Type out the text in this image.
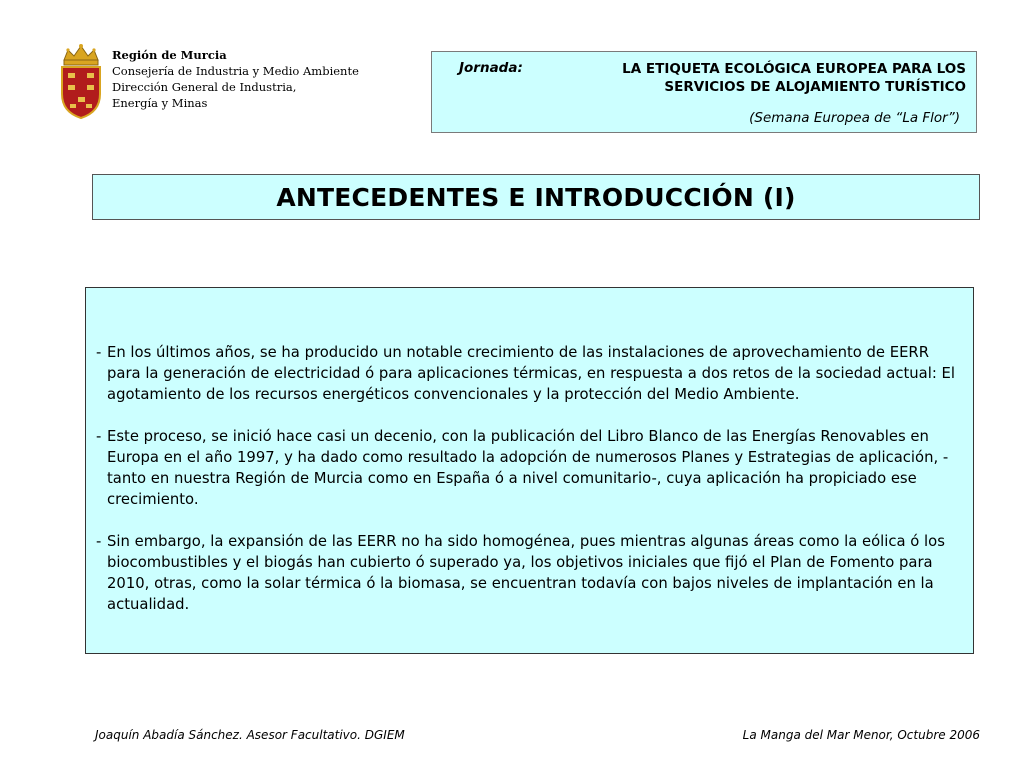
Región de Murcia
Consejería de Industria y Medio Ambiente
Dirección General de Industria,
Energía y Minas
Jornada:	LA ETIQUETA ECOLÓGICA EUROPEA PARA LOS
SERVICIOS DE ALOJAMIENTO TURÍSTICO
(Semana Europea de “La Flor”)
ANTECEDENTES E INTRODUCCIÓN (I)
- En los últimos años, se ha producido un notable crecimiento de las instalaciones de aprovechamiento de EERR para la generación de electricidad ó para aplicaciones térmicas, en respuesta a dos retos de la sociedad actual: El agotamiento de los recursos energéticos convencionales y la protección del Medio Ambiente.
- Este proceso, se inició hace casi un decenio, con la publicación del Libro Blanco de las Energías Renovables en Europa en el año 1997, y ha dado como resultado la adopción de numerosos Planes y Estrategias de aplicación, -tanto en nuestra Región de Murcia como en España ó a nivel comunitario-, cuya aplicación ha propiciado ese crecimiento.
- Sin embargo, la expansión de las EERR no ha sido homogénea, pues mientras algunas áreas como la eólica ó los biocombustibles y el biogás han cubierto ó superado ya, los objetivos iniciales que fijó el Plan de Fomento para 2010, otras, como la solar térmica ó la biomasa, se encuentran todavía con bajos niveles de implantación en la actualidad.
Joaquín Abadía Sánchez. Asesor Facultativo. DGIEM	La Manga del Mar Menor, Octubre 2006
